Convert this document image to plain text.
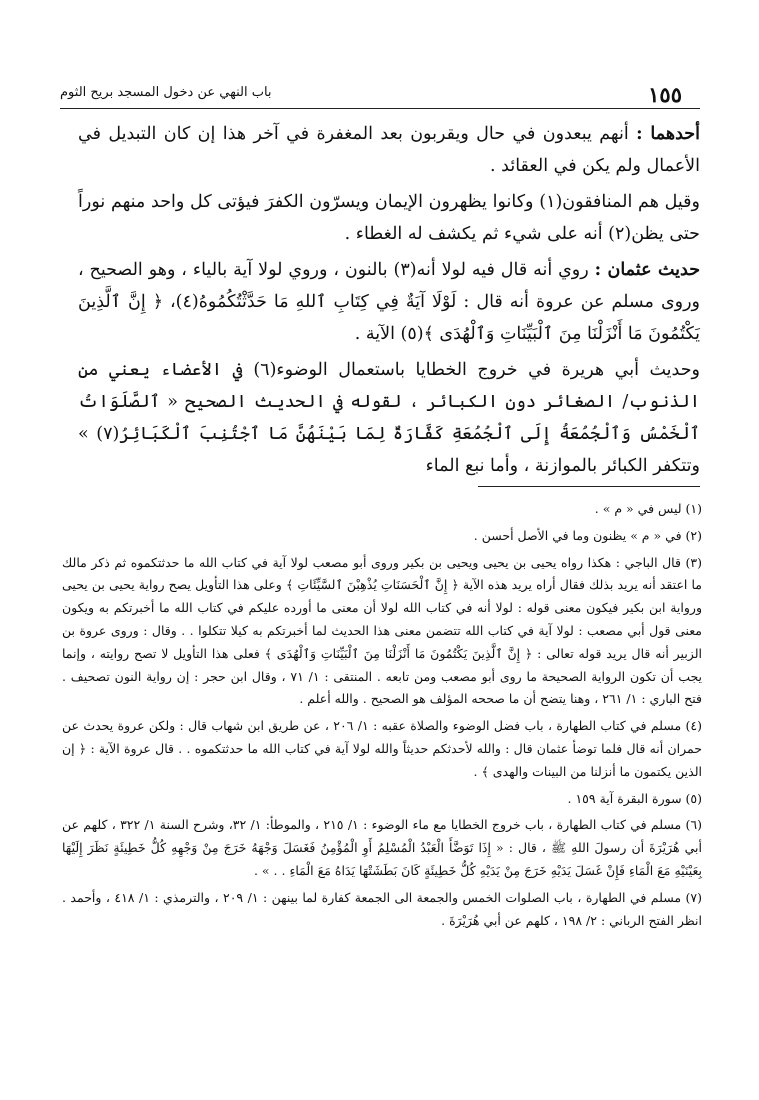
١٥٥
باب النهي عن دخول المسجد بريح الثوم

أحدهما : أنهم يبعدون في حال ويقربون بعد المغفرة في آخر هذا إن كان التبديل في الأعمال ولم يكن في العقائد .

وقيل هم المنافقون(١) وكانوا يظهرون الإيمان ويسرّون الكفرَ فيؤتى كل واحد منهم نوراً حتى يظن(٢) أنه على شيء ثم يكشف له الغطاء .

حديث عثمان : روي أنه قال فيه لولا أنه(٣) بالنون ، وروي لولا آية بالياء ، وهو الصحيح ، وروى مسلم عن عروة أنه قال : لَوْلَا آيَةٌ فِي كِتَابِ ٱللهِ مَا حَدَّثْتُكُمُوهُ(٤)، ﴿ إِنَّ ٱلَّذِينَ يَكْتُمُونَ مَا أَنْزَلْنَا مِنَ ٱلْبَيِّنَاتِ وَٱلْهُدَى ﴾(٥) الآية .

وحديث أبي هريرة في خروج الخطايا باستعمال الوضوء(٦) في الأعضاء يعني من الذنوب/ الصغائر دون الكبائر ، لقوله في الحديث الصحيح « ٱلصَّلَوَاتُ ٱلْخَمْسُ وَٱلْجُمُعَةُ إِلَى ٱلْجُمُعَةِ كَفَّارَةٌ لِمَا بَيْنَهُنَّ مَا ٱجْتُنِبَ ٱلْكَبَائِرُ(٧) » وتتكفر الكبائر بالموازنة ، وأما نبع الماء

(١) ليس في « م » .

(٢) في « م » يظنون وما في الأصل أحسن .

(٣) قال الباجي : هكذا رواه يحيى بن يحيى ويحيى بن بكير وروى أبو مصعب لولا آية في كتاب الله ما حدثتكموه ثم ذكر مالك ما اعتقد أنه يريد بذلك فقال أراه يريد هذه الآية ﴿ إِنَّ ٱلْحَسَنَاتِ يُذْهِبْنَ ٱلسَّيِّئَاتِ ﴾ وعلى هذا التأويل يصح رواية يحيى بن يحيى ورواية ابن بكير فيكون معنى قوله : لولا أنه في كتاب الله لولا أن معنى ما أورده عليكم في كتاب الله ما أخبرتكم به ويكون معنى قول أبي مصعب : لولا آية في كتاب الله تتضمن معنى هذا الحديث لما أخبرتكم به كيلا تتكلوا . . وقال : وروى عروة بن الزبير أنه قال يريد قوله تعالى : ﴿ إِنَّ ٱلَّذِينَ يَكْتُمُونَ مَا أَنْزَلْنَا مِنَ ٱلْبَيِّنَاتِ وَٱلْهُدَى ﴾ فعلى هذا التأويل لا تصح روايته ، وإنما يجب أن تكون الرواية الصحيحة ما روى أبو مصعب ومن تابعه . المنتقى : ١/ ٧١ ، وقال ابن حجر : إن رواية النون تصحيف . فتح الباري : ١/ ٢٦١ ، وهنا يتضح أن ما صححه المؤلف هو الصحيح . والله أعلم .

(٤) مسلم في كتاب الطهارة ، باب فضل الوضوء والصلاة عقبه : ١/ ٢٠٦ ، عن طريق ابن شهاب قال : ولكن عروة يحدث عن حمران أنه قال فلما توضأ عثمان قال : والله لأحدثكم حديثاً والله لولا آية في كتاب الله ما حدثتكموه . . قال عروة الآية : ﴿ إن الذين يكتمون ما أنزلنا من البينات والهدى ﴾ .

(٥) سورة البقرة آية ١٥٩ .

(٦) مسلم في كتاب الطهارة ، باب خروج الخطايا مع ماء الوضوء : ١/ ٢١٥ ، والموطأ: ١/ ٣٢، وشرح السنة ١/ ٣٢٢ ، كلهم عن أبي هُرَيْرَةَ أن رسولَ اللهِ ﷺ ، قال : « إِذَا تَوَضَّأَ الْعَبْدُ الْمُسْلِمُ أَوِ الْمُؤْمِنُ فَغَسَلَ وَجْهَهُ خَرَجَ مِنْ وَجْهِهِ كُلُّ خَطِيئَةٍ نَظَرَ إِلَيْهَا بِعَيْنَيْهِ مَعَ الْمَاءِ فَإِنْ غَسَلَ يَدَيْهِ خَرَجَ مِنْ يَدَيْهِ كُلُّ خَطِيئَةٍ كَانَ بَطَشَتْهَا يَدَاهُ مَعَ الْمَاءِ . . » .

(٧) مسلم في الطهارة ، باب الصلوات الخمس والجمعة الى الجمعة كفارة لما بينهن : ١/ ٢٠٩ ، والترمذي : ١/ ٤١٨ ، وأحمد . انظر الفتح الرباني : ٢/ ١٩٨ ، كلهم عن أبي هُرَيْرَةَ .
